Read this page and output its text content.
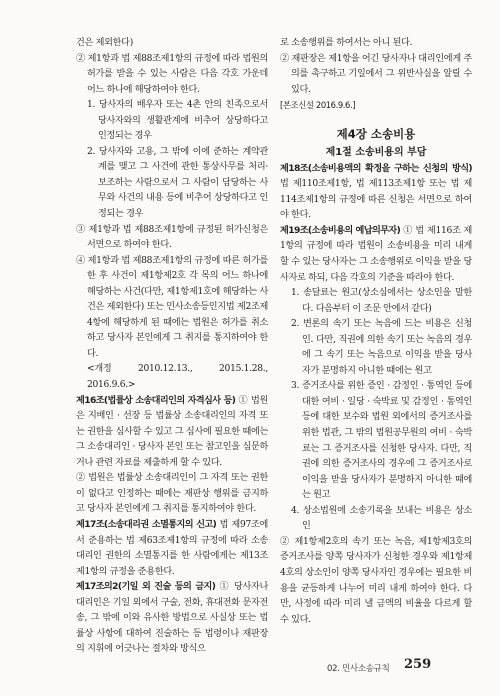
건은 제외한다)

② 제1항과 법 제88조제1항의 규정에 따라 법원의 허가를 받을 수 있는 사람은 다음 각호 가운데 어느 하나에 해당하여야 한다.

1. 당사자의 배우자 또는 4촌 안의 친족으로서 당사자와의 생활관계에 비추어 상당하다고 인정되는 경우

2. 당사자와 고용, 그 밖에 이에 준하는 계약관계를 맺고 그 사건에 관한 통상사무를 처리·보조하는 사람으로서 그 사람이 담당하는 사무와 사건의 내용 등에 비추어 상당하다고 인정되는 경우

③ 제1항과 법 제88조제1항에 규정된 허가신청은 서면으로 하여야 한다.

④ 제1항과 법 제88조제1항의 규정에 따른 허가를 한 후 사건이 제1항제2호 각 목의 어느 하나에 해당하는 사건(다만, 제1항제1호에 해당하는 사건은 제외한다) 또는 민사소송등인지법 제2조제4항에 해당하게 된 때에는 법원은 허가를 취소하고 당사자 본인에게 그 취지를 통지하여야 한다.

<개정 2010.12.13., 2015.1.28., 2016.9.6.>

제16조(법률상 소송대리인의 자격심사 등) ① 법원은 지배인 · 선장 등 법률상 소송대리인의 자격 또는 권한을 심사할 수 있고 그 심사에 필요한 때에는 그 소송대리인 · 당사자 본인 또는 참고인을 심문하거나 관련 자료를 제출하게 할 수 있다.

② 법원은 법률상 소송대리인이 그 자격 또는 권한이 없다고 인정하는 때에는 재판상 행위를 금지하고 당사자 본인에게 그 취지를 통지하여야 한다.

제17조(소송대리권 소멸통지의 신고) 법 제97조에서 준용하는 법 제63조제1항의 규정에 따라 소송대리인 권한의 소멸통지를 한 사람에게는 제13조제1항의 규정을 준용한다.

제17조의2(기일 외 진술 등의 금지) ① 당사자나 대리인은 기일 외에서 구술, 전화, 휴대전화 문자전송, 그 밖에 이와 유사한 방법으로 사실상 또는 법률상 사항에 대하여 진술하는 등 법령이나 재판장의 지휘에 어긋나는 절차와 방식으

로 소송행위를 하여서는 아니 된다.

② 재판장은 제1항을 어긴 당사자나 대리인에게 주의를 촉구하고 기일에서 그 위반사실을 알릴 수 있다.

[본조신설 2016.9.6.]

제4장 소송비용
제1절 소송비용의 부담

제18조(소송비용액의 확정을 구하는 신청의 방식) 법 제110조제1항, 법 제113조제1항 또는 법 제114조제1항의 규정에 따른 신청은 서면으로 하여야 한다.

제19조(소송비용의 예납의무자) ① 법 제116조 제1항의 규정에 따라 법원이 소송비용을 미리 내게 할 수 있는 당사자는 그 소송행위로 이익을 받을 당사자로 하되, 다음 각호의 기준을 따라야 한다.

1. 송달료는 원고(상소심에서는 상소인을 말한다. 다음부터 이 조문 안에서 같다)

2. 변론의 속기 또는 녹음에 드는 비용은 신청인. 다만, 직권에 의한 속기 또는 녹음의 경우에 그 속기 또는 녹음으로 이익을 받을 당사자가 분명하지 아니한 때에는 원고

3. 증거조사를 위한 증인 · 감정인 · 통역인 등에 대한 여비 · 일당 · 숙박료 및 감정인 · 통역인 등에 대한 보수와 법원 외에서의 증거조사를 위한 법관, 그 밖의 법원공무원의 여비 · 숙박료는 그 증거조사를 신청한 당사자. 다만, 직권에 의한 증거조사의 경우에 그 증거조사로 이익을 받을 당사자가 분명하지 아니한 때에는 원고

4. 상소법원에 소송기록을 보내는 비용은 상소인

② 제1항제2호의 속기 또는 녹음, 제1항제3호의 증거조사를 양쪽 당사자가 신청한 경우와 제1항제4호의 상소인이 양쪽 당사자인 경우에는 필요한 비용을 균등하게 나누어 미리 내게 하여야 한다. 다만, 사정에 따라 미리 낼 금액의 비율을 다르게 할 수 있다.

02. 민사소송규칙 259
